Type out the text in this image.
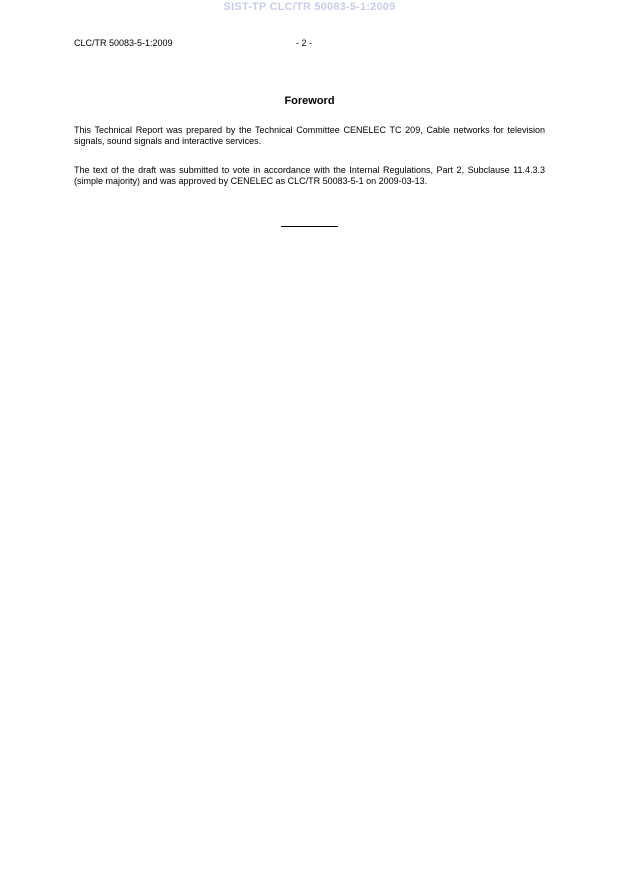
SIST-TP CLC/TR 50083-5-1:2009
CLC/TR 50083-5-1:2009	- 2 -
Foreword
This Technical Report was prepared by the Technical Committee CENELEC TC 209, Cable networks for television signals, sound signals and interactive services.
The text of the draft was submitted to vote in accordance with the Internal Regulations, Part 2, Subclause 11.4.3.3 (simple majority) and was approved by CENELEC as CLC/TR 50083-5-1 on 2009-03-13.
